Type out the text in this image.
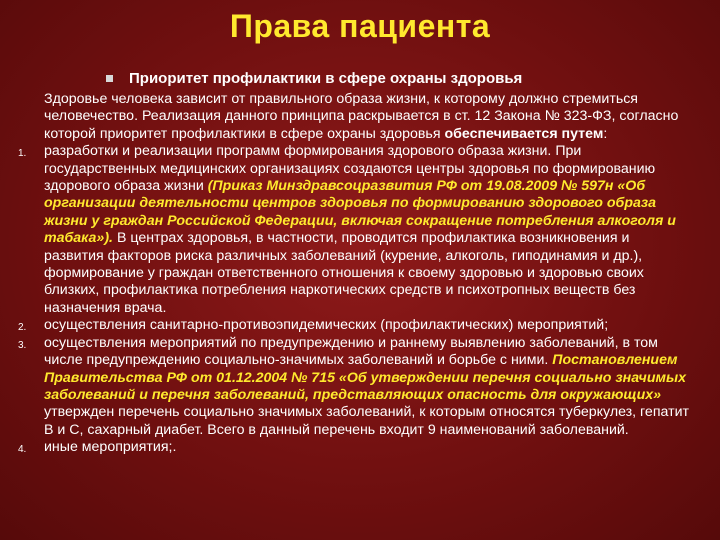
Права пациента
Приоритет профилактики в сфере охраны здоровья

Здоровье человека зависит от правильного образа жизни, к которому должно стремиться человечество. Реализация данного принципа раскрывается в ст. 12 Закона № 323-ФЗ, согласно которой приоритет профилактики в сфере охраны здоровья обеспечивается путем:

1. разработки и реализации программ формирования здорового образа жизни. При государственных медицинских организациях создаются центры здоровья по формированию здорового образа жизни (Приказ Минздравсоцразвития РФ от 19.08.2009 № 597н «Об организации деятельности центров здоровья по формированию здорового образа жизни у граждан Российской Федерации, включая сокращение потребления алкоголя и табака»). В центрах здоровья, в частности, проводится профилактика возникновения и развития факторов риска различных заболеваний (курение, алкоголь, гиподинамия и др.), формирование у граждан ответственного отношения к своему здоровью и здоровью своих близких, профилактика потребления наркотических средств и психотропных веществ без назначения врача.
2. осуществления санитарно-противоэпидемических (профилактических) мероприятий;
3. осуществления мероприятий по предупреждению и раннему выявлению заболеваний, в том числе предупреждению социально-значимых заболеваний и борьбе с ними. Постановлением Правительства РФ от 01.12.2004 № 715 «Об утверждении перечня социально значимых заболеваний и перечня заболеваний, представляющих опасность для окружающих» утвержден перечень социально значимых заболеваний, к которым относятся туберкулез, гепатит В и С, сахарный диабет. Всего в данный перечень входит 9 наименований заболеваний.
4. иные мероприятия;.
